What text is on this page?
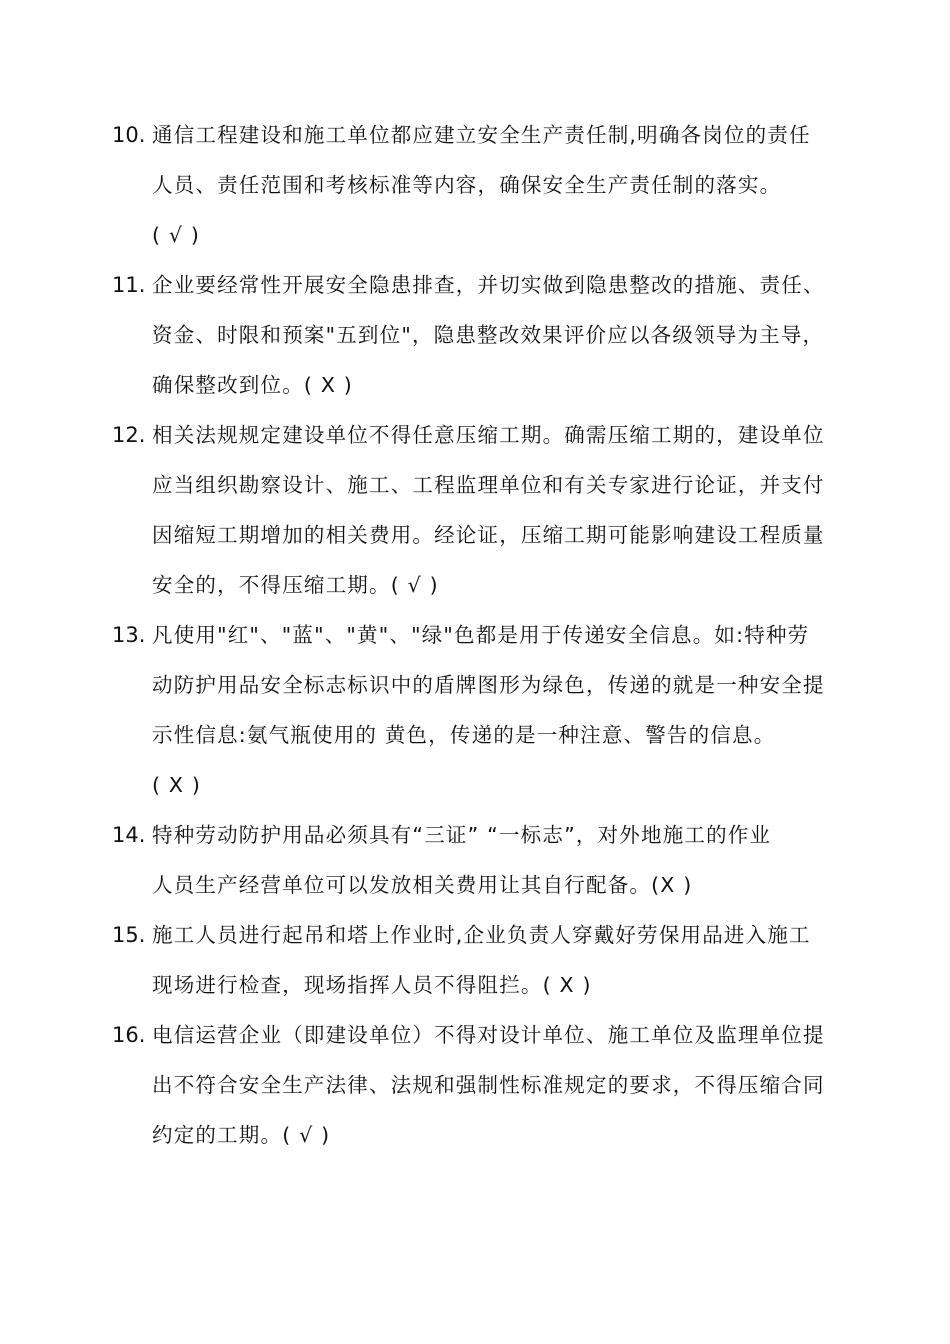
10. 通信工程建设和施工单位都应建立安全生产责任制,明确各岗位的责任
人员、责任范围和考核标准等内容，确保安全生产责任制的落实。
( √ )
11. 企业要经常性开展安全隐患排查，并切实做到隐患整改的措施、责任、
资金、时限和预案"五到位"，隐患整改效果评价应以各级领导为主导，
确保整改到位。( X )
12. 相关法规规定建设单位不得任意压缩工期。确需压缩工期的，建设单位
应当组织勘察设计、施工、工程监理单位和有关专家进行论证，并支付
因缩短工期增加的相关费用。经论证，压缩工期可能影响建设工程质量
安全的，不得压缩工期。( √ )
13. 凡使用"红"、"蓝"、"黄"、"绿"色都是用于传递安全信息。如:特种劳
动防护用品安全标志标识中的盾牌图形为绿色，传递的就是一种安全提
示性信息:氨气瓶使用的 黄色，传递的是一种注意、警告的信息。
( X )
14. 特种劳动防护用品必须具有“三证” “一标志”，对外地施工的作业
人员生产经营单位可以发放相关费用让其自行配备。(X )
15. 施工人员进行起吊和塔上作业时,企业负责人穿戴好劳保用品进入施工
现场进行检查，现场指挥人员不得阻拦。( X )
16. 电信运营企业（即建设单位）不得对设计单位、施工单位及监理单位提
出不符合安全生产法律、法规和强制性标准规定的要求，不得压缩合同
约定的工期。( √ )
